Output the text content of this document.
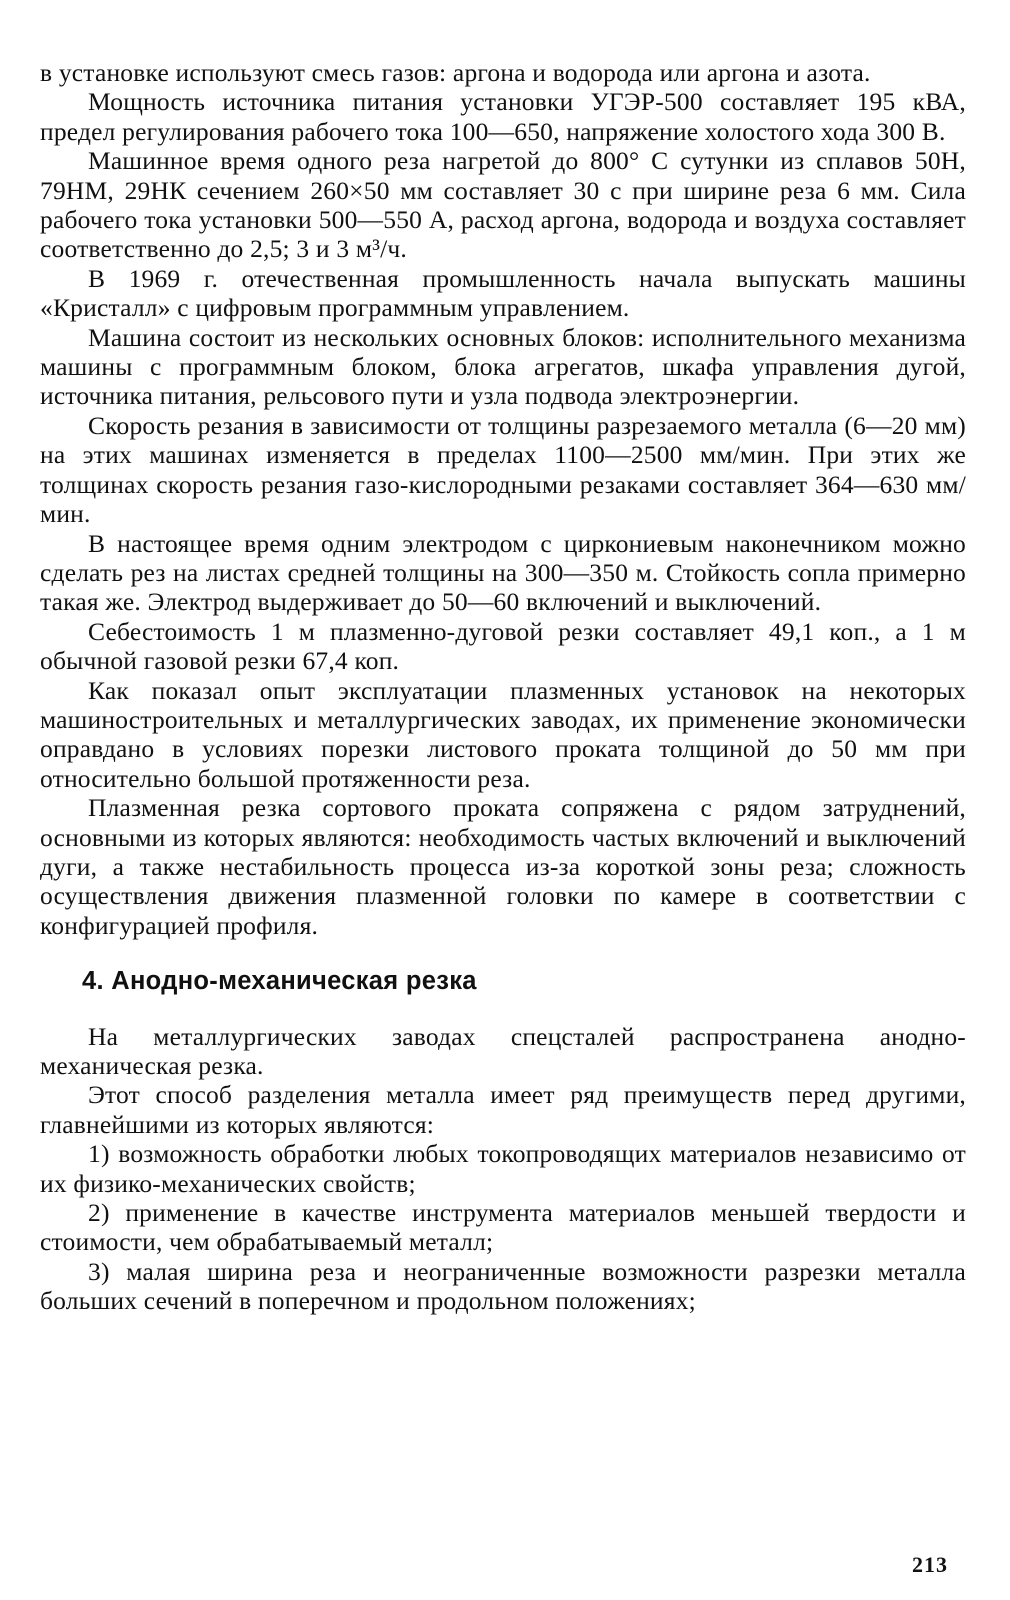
в установке используют смесь газов: аргона и водорода или аргона и азота.

Мощность источника питания установки УГЭР-500 составляет 195 кВА, предел регулирования рабочего тока 100—650, напряжение холостого хода 300 В.

Машинное время одного реза нагретой до 800° С сутунки из сплавов 50Н, 79НМ, 29НК сечением 260×50 мм составляет 30 с при ширине реза 6 мм. Сила рабочего тока установки 500—550 А, расход аргона, водорода и воздуха составляет соответственно до 2,5; 3 и 3 м³/ч.

В 1969 г. отечественная промышленность начала выпускать машины «Кристалл» с цифровым программным управлением.

Машина состоит из нескольких основных блоков: исполнительного механизма машины с программным блоком, блока агрегатов, шкафа управления дугой, источника питания, рельсового пути и узла подвода электроэнергии.

Скорость резания в зависимости от толщины разрезаемого металла (6—20 мм) на этих машинах изменяется в пределах 1100—2500 мм/мин. При этих же толщинах скорость резания газо-кислородными резаками составляет 364—630 мм/мин.

В настоящее время одним электродом с циркониевым наконечником можно сделать рез на листах средней толщины на 300—350 м. Стойкость сопла примерно такая же. Электрод выдерживает до 50—60 включений и выключений.

Себестоимость 1 м плазменно-дуговой резки составляет 49,1 коп., а 1 м обычной газовой резки 67,4 коп.

Как показал опыт эксплуатации плазменных установок на некоторых машиностроительных и металлургических заводах, их применение экономически оправдано в условиях порезки листового проката толщиной до 50 мм при относительно большой протяженности реза.

Плазменная резка сортового проката сопряжена с рядом затруднений, основными из которых являются: необходимость частых включений и выключений дуги, а также нестабильность процесса из-за короткой зоны реза; сложность осуществления движения плазменной головки по камере в соответствии с конфигурацией профиля.

4. Анодно-механическая резка

На металлургических заводах спецсталей распространена анодно-механическая резка.

Этот способ разделения металла имеет ряд преимуществ перед другими, главнейшими из которых являются:

1) возможность обработки любых токопроводящих материалов независимо от их физико-механических свойств;

2) применение в качестве инструмента материалов меньшей твердости и стоимости, чем обрабатываемый металл;

3) малая ширина реза и неограниченные возможности разрезки металла больших сечений в поперечном и продольном положениях;

213
